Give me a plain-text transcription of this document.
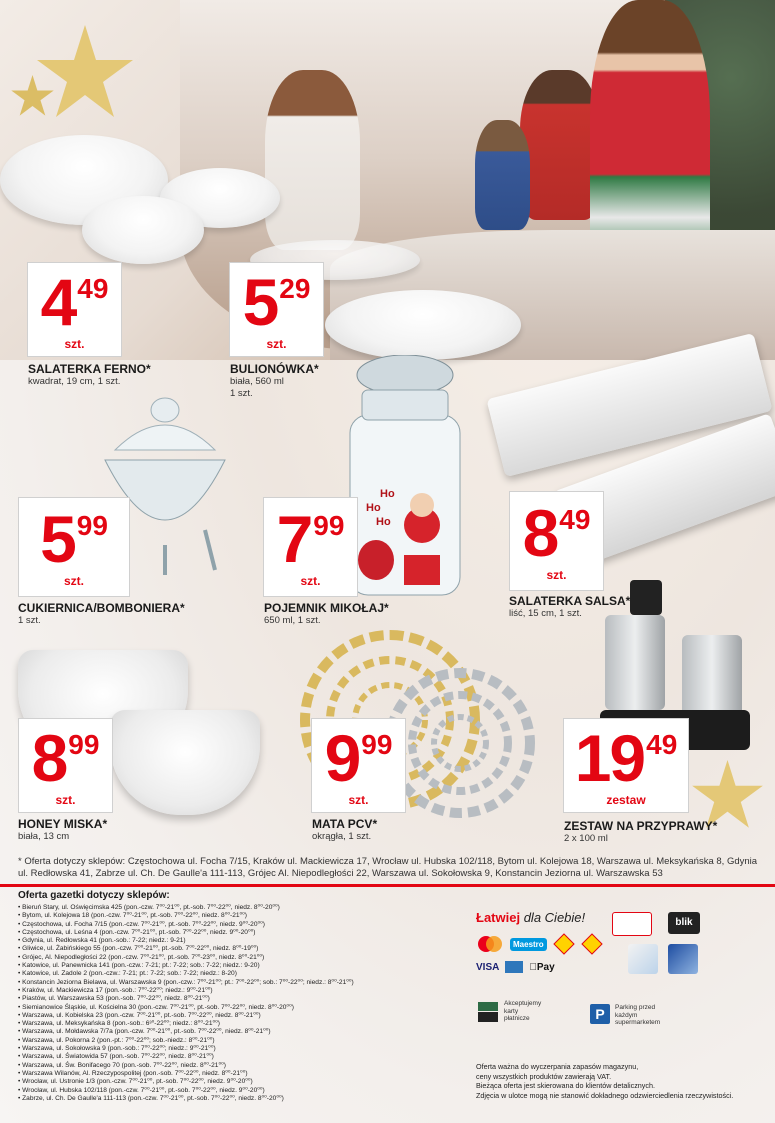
Ho
Ho
Ho
4 49
szt.
SALATERKA FERNO*
kwadrat, 19 cm, 1 szt.
5 29
szt.
BULIONÓWKA*
biała, 560 ml
1 szt.
5 99
szt.
CUKIERNICA/BOMBONIERA*
1 szt.
7 99
szt.
POJEMNIK MIKOŁAJ*
650 ml, 1 szt.
8 49
szt.
SALATERKA SALSA*
liść, 15 cm, 1 szt.
8 99
szt.
HONEY MISKA*
biała, 13 cm
9 99
szt.
MATA PCV*
okrągła, 1 szt.
19 49
zestaw
ZESTAW NA PRZYPRAWY*
2 x 100 ml
* Oferta dotyczy sklepów: Częstochowa ul. Focha 7/15, Kraków ul. Mackiewicza 17, Wrocław ul. Hubska 102/118, Bytom ul. Kolejowa 18, Warszawa ul. Meksykańska 8, Gdynia ul. Redłowska 41, Zabrze ul. Ch. De Gaulle'a 111-113, Grójec Al. Niepodległości 22, Warszawa ul. Sokołowska 9, Konstancin Jeziorna ul. Warszawska 53
Oferta gazetki dotyczy sklepów:
• Bieruń Stary, ul. Oświęcimska 425 (pon.-czw. 7⁰⁰-21⁰⁰, pt.-sob. 7⁰⁰-22⁰⁰, niedz. 8⁰⁰-20⁰⁰)
• Bytom, ul. Kolejowa 18 (pon.-czw. 7⁰⁰-21⁰⁰, pt.-sob. 7⁰⁰-22⁰⁰, niedz. 8⁰⁰-21⁰⁰)
• Częstochowa, ul. Focha 7/15 (pon.-czw. 7⁰⁰-21⁰⁰, pt.-sob. 7⁰⁰-22⁰⁰, niedz. 9⁰⁰-20⁰⁰)
• Częstochowa, ul. Leśna 4 (pon.-czw. 7⁰⁰-21⁰⁰, pt.-sob. 7⁰⁰-22⁰⁰, niedz. 9⁰⁰-20⁰⁰)
• Gdynia, ul. Redłowska 41 (pon.-sob.: 7-22; niedz.: 9-21)
• Gliwice, ul. Żabińskiego 55 (pon.-czw. 7⁰⁰-21⁰⁰, pt.-sob. 7⁰⁰-22⁰⁰, niedz. 8⁰⁰-19⁰⁰)
• Grójec, Al. Niepodległości 22 (pon.-czw. 7⁰⁰-21⁰⁰, pt.-sob. 7⁰⁰-23⁰⁰, niedz. 8⁰⁰-21⁰⁰)
• Katowice, ul. Panewnicka 141 (pon.-czw.: 7-21; pt.: 7-22; sob.: 7-22; niedz.: 9-20)
• Katowice, ul. Zadole 2 (pon.-czw.: 7-21; pt.: 7-22; sob.: 7-22; niedz.: 8-20)
• Konstancin Jeziorna Bielawa, ul. Warszawska 9 (pon.-czw.: 7⁰⁰-21⁰⁰; pt.: 7⁰⁰-22⁰⁰; sob.: 7⁰⁰-22⁰⁰; niedz.: 8⁰⁰-21⁰⁰)
• Kraków, ul. Mackiewicza 17 (pon.-sob.: 7⁰⁰-22⁰⁰; niedz.: 9⁰⁰-21⁰⁰)
• Piastów, ul. Warszawska 53 (pon.-sob. 7⁰⁰-22⁰⁰, niedz. 8⁰⁰-21⁰⁰)
• Siemianowice Śląskie, ul. Kościelna 30 (pon.-czw. 7⁰⁰-21⁰⁰, pt.-sob. 7⁰⁰-22⁰⁰, niedz. 8⁰⁰-20⁰⁰)
• Warszawa, ul. Kobielska 23 (pon.-czw. 7⁰⁰-21⁰⁰, pt.-sob. 7⁰⁰-22⁰⁰, niedz. 8⁰⁰-21⁰⁰)
• Warszawa, ul. Meksykańska 8 (pon.-sob.: 6³⁰-22⁰⁰; niedz.: 8⁰⁰-21⁰⁰)
• Warszawa, ul. Mołdawska 7/7a (pon.-czw. 7⁰⁰-21⁰⁰, pt.-sob. 7⁰⁰-22⁰⁰, niedz. 8⁰⁰-21⁰⁰)
• Warszawa, ul. Pokorna 2 (pon.-pt.: 7⁰⁰-22⁰⁰; sob.-niedz.: 8⁰⁰-21⁰⁰)
• Warszawa, ul. Sokołowska 9 (pon.-sob.: 7⁰⁰-22⁰⁰; niedz.: 9⁰⁰-21⁰⁰)
• Warszawa, ul. Światowida 57 (pon.-sob. 7⁰⁰-22⁰⁰, niedz. 8⁰⁰-21⁰⁰)
• Warszawa, ul. Św. Bonifacego 70 (pon.-sob. 7⁰⁰-22⁰⁰, niedz. 8⁰⁰-21⁰⁰)
• Warszawa Wilanów, Al. Rzeczypospolitej (pon.-sob. 7⁰⁰-22⁰⁰, niedz. 8⁰⁰-21⁰⁰)
• Wrocław, ul. Ustronie 1/3 (pon.-czw. 7⁰⁰-21⁰⁰, pt.-sob. 7⁰⁰-22⁰⁰, niedz. 9⁰⁰-20⁰⁰)
• Wrocław, ul. Hubska 102/118 (pon.-czw. 7⁰⁰-21⁰⁰, pt.-sob. 7⁰⁰-22⁰⁰, niedz. 9⁰⁰-20⁰⁰)
• Zabrze, ul. Ch. De Gaulle'a 111-113 (pon.-czw. 7⁰⁰-21⁰⁰, pt.-sob. 7⁰⁰-22⁰⁰, niedz. 8⁰⁰-20⁰⁰)
Łatwiej dla Ciebie!
Maestro
VISA	Pay
blik
Akceptujemy
karty
płatnicze	P	Parking przed
każdym
supermarketem
Oferta ważna do wyczerpania zapasów magazynu,
ceny wszystkich produktów zawierają VAT.
Bieżąca oferta jest skierowana do klientów detalicznych.
Zdjęcia w ulotce mogą nie stanowić dokładnego odzwierciedlenia rzeczywistości.
